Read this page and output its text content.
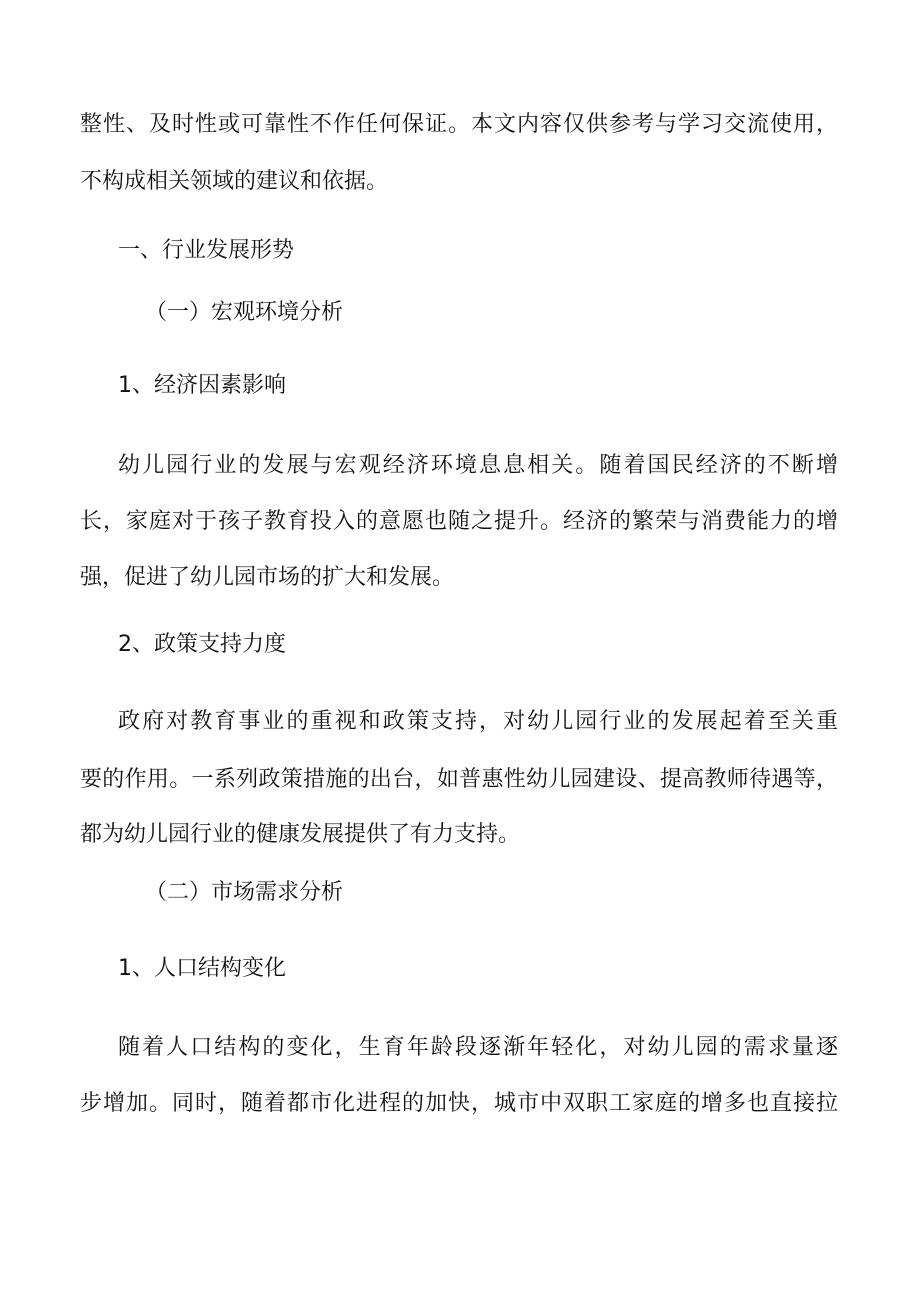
整性、及时性或可靠性不作任何保证。本文内容仅供参考与学习交流使用，
不构成相关领域的建议和依据。
一、行业发展形势
（一）宏观环境分析
1、经济因素影响
幼儿园行业的发展与宏观经济环境息息相关。随着国民经济的不断增
长，家庭对于孩子教育投入的意愿也随之提升。经济的繁荣与消费能力的增
强，促进了幼儿园市场的扩大和发展。
2、政策支持力度
政府对教育事业的重视和政策支持，对幼儿园行业的发展起着至关重
要的作用。一系列政策措施的出台，如普惠性幼儿园建设、提高教师待遇等，
都为幼儿园行业的健康发展提供了有力支持。
（二）市场需求分析
1、人口结构变化
随着人口结构的变化，生育年龄段逐渐年轻化，对幼儿园的需求量逐
步增加。同时，随着都市化进程的加快，城市中双职工家庭的增多也直接拉
